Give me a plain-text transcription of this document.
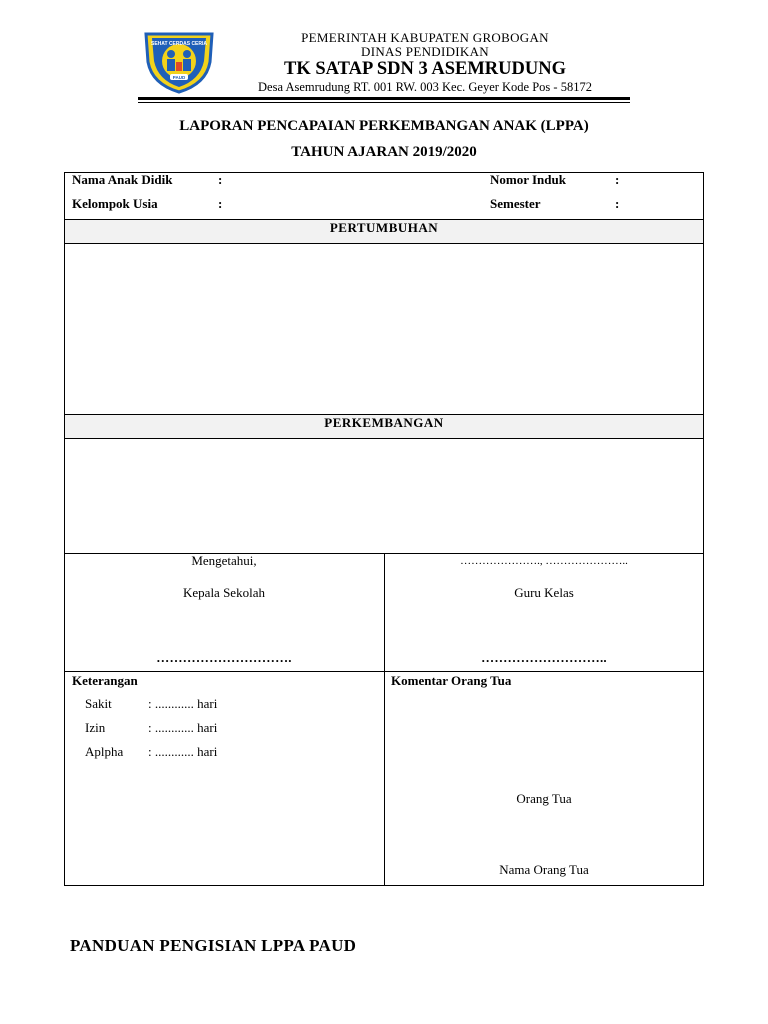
SEHAT CERDAS CERIA
PAUD
PEMERINTAH KABUPATEN GROBOGAN
DINAS PENDIDIKAN
TK SATAP SDN 3 ASEMRUDUNG
Desa Asemrudung RT. 001 RW. 003 Kec. Geyer Kode Pos - 58172
LAPORAN PENCAPAIAN PERKEMBANGAN ANAK (LPPA)
TAHUN AJARAN 2019/2020
Nama Anak Didik	:
Kelompok Usia	:
Nomor Induk	:
Semester	:
PERTUMBUHAN
PERKEMBANGAN
Mengetahui,
Kepala Sekolah
………………………….
…………………., …………………..
Guru Kelas
………………………..
Keterangan
Sakit	: ............ hari
Izin	: ............ hari
Aplpha : ............ hari
Komentar Orang Tua
Orang Tua
Nama Orang Tua
PANDUAN PENGISIAN LPPA PAUD
